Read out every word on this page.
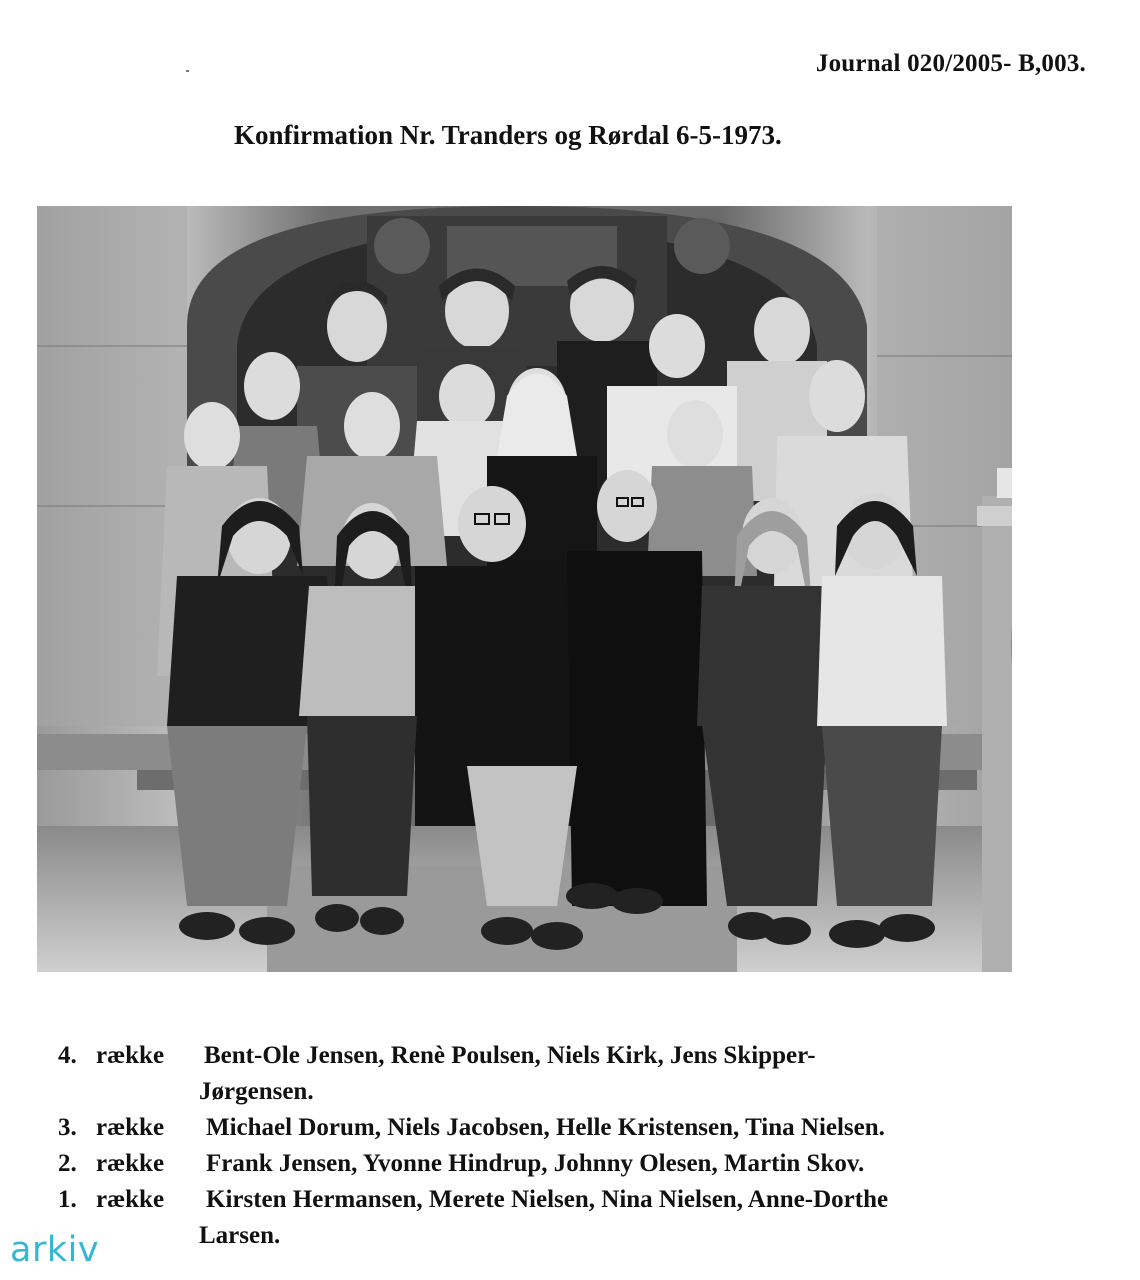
Journal 020/2005- B,003.
Konfirmation Nr. Tranders og Rørdal 6-5-1973.
4. række	Bent-Ole Jensen, Renè Poulsen, Niels Kirk, Jens Skipper-
Jørgensen.
3. række	Michael Dorum, Niels Jacobsen, Helle Kristensen, Tina Nielsen.
2. række	Frank Jensen, Yvonne Hindrup, Johnny Olesen, Martin Skov.
1. række	Kirsten Hermansen, Merete Nielsen, Nina Nielsen, Anne-Dorthe
Larsen.
arkiv
